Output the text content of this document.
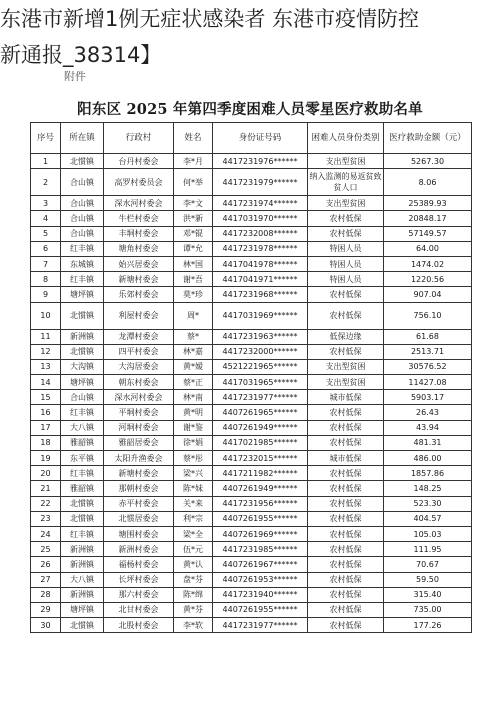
东港市新增1例无症状感染者 东港市疫情防控
新通报_38314】
附件
阳东区 2025 年第四季度困难人员零星医疗救助名单
序号	所在镇	行政村	姓名	身份证号码	困难人员身份类别	医疗救助金额（元）
1	北惯镇	台丹村委会	李*月	4417231976******	支出型贫困	5267.30
2	合山镇	高罗村委员会	何*举	4417231979******	纳入监测的易返贫致贫人口	8.06
3	合山镇	深水河村委会	李*文	4417231974******	支出型贫困	25389.93
4	合山镇	牛栏村委会	洪*新	4417031970******	农村低保	20848.17
5	合山镇	丰垌村委会	邓*锟	4417232008******	农村低保	57149.57
6	红丰镇	塘角村委会	谭*允	4417231978******	特困人员	64.00
7	东城镇	始兴居委会	林*国	4417041978******	特困人员	1474.02
8	红丰镇	新塘村委会	谢*吾	4417041971******	特困人员	1220.56
9	塘坪镇	乐郊村委会	莫*珍	4417231968******	农村低保	907.04
10	北惯镇	利屋村委会	周*	4417031969******	农村低保	756.10
11	新洲镇	龙潭村委会	蔡*	4417231963******	低保边缘	61.68
12	北惯镇	四平村委会	林*嘉	4417232000******	农村低保	2513.71
13	大沟镇	大沟居委会	黄*嫒	4521221965******	支出型贫困	30576.52
14	塘坪镇	朝东村委会	蔡*正	4417031965******	支出型贫困	11427.08
15	合山镇	深水河村委会	林*南	4417231977******	城市低保	5903.17
16	红丰镇	平垌村委会	黄*明	4407261965******	农村低保	26.43
17	大八镇	河垌村委会	谢*鉴	4407261949******	农村低保	43.94
18	雅韶镇	雅韶居委会	徐*娟	4417021985******	农村低保	481.31
19	东平镇	太阳升渔委会	蔡*彤	4417232015******	城市低保	486.00
20	红丰镇	新塘村委会	梁*兴	4417211982******	农村低保	1857.86
21	雅韶镇	那朝村委会	陈*妹	4407261949******	农村低保	148.25
22	北惯镇	赤平村委会	关*来	4417231956******	农村低保	523.30
23	北惯镇	北惯居委会	利*宗	4407261955******	农村低保	404.57
24	红丰镇	塘围村委会	梁*全	4407261969******	农村低保	105.03
25	新洲镇	新洲村委会	伍*元	4417231985******	农村低保	111.95
26	新洲镇	福杨村委会	黄*认	4407261967******	农村低保	70.67
27	大八镇	长坪村委会	盘*芬	4407261953******	农村低保	59.50
28	新洲镇	那六村委会	陈*绵	4417231940******	农村低保	315.40
29	塘坪镇	北甘村委会	黄*芬	4407261955******	农村低保	735.00
30	北惯镇	北股村委会	李*软	4417231977******	农村低保	177.26
